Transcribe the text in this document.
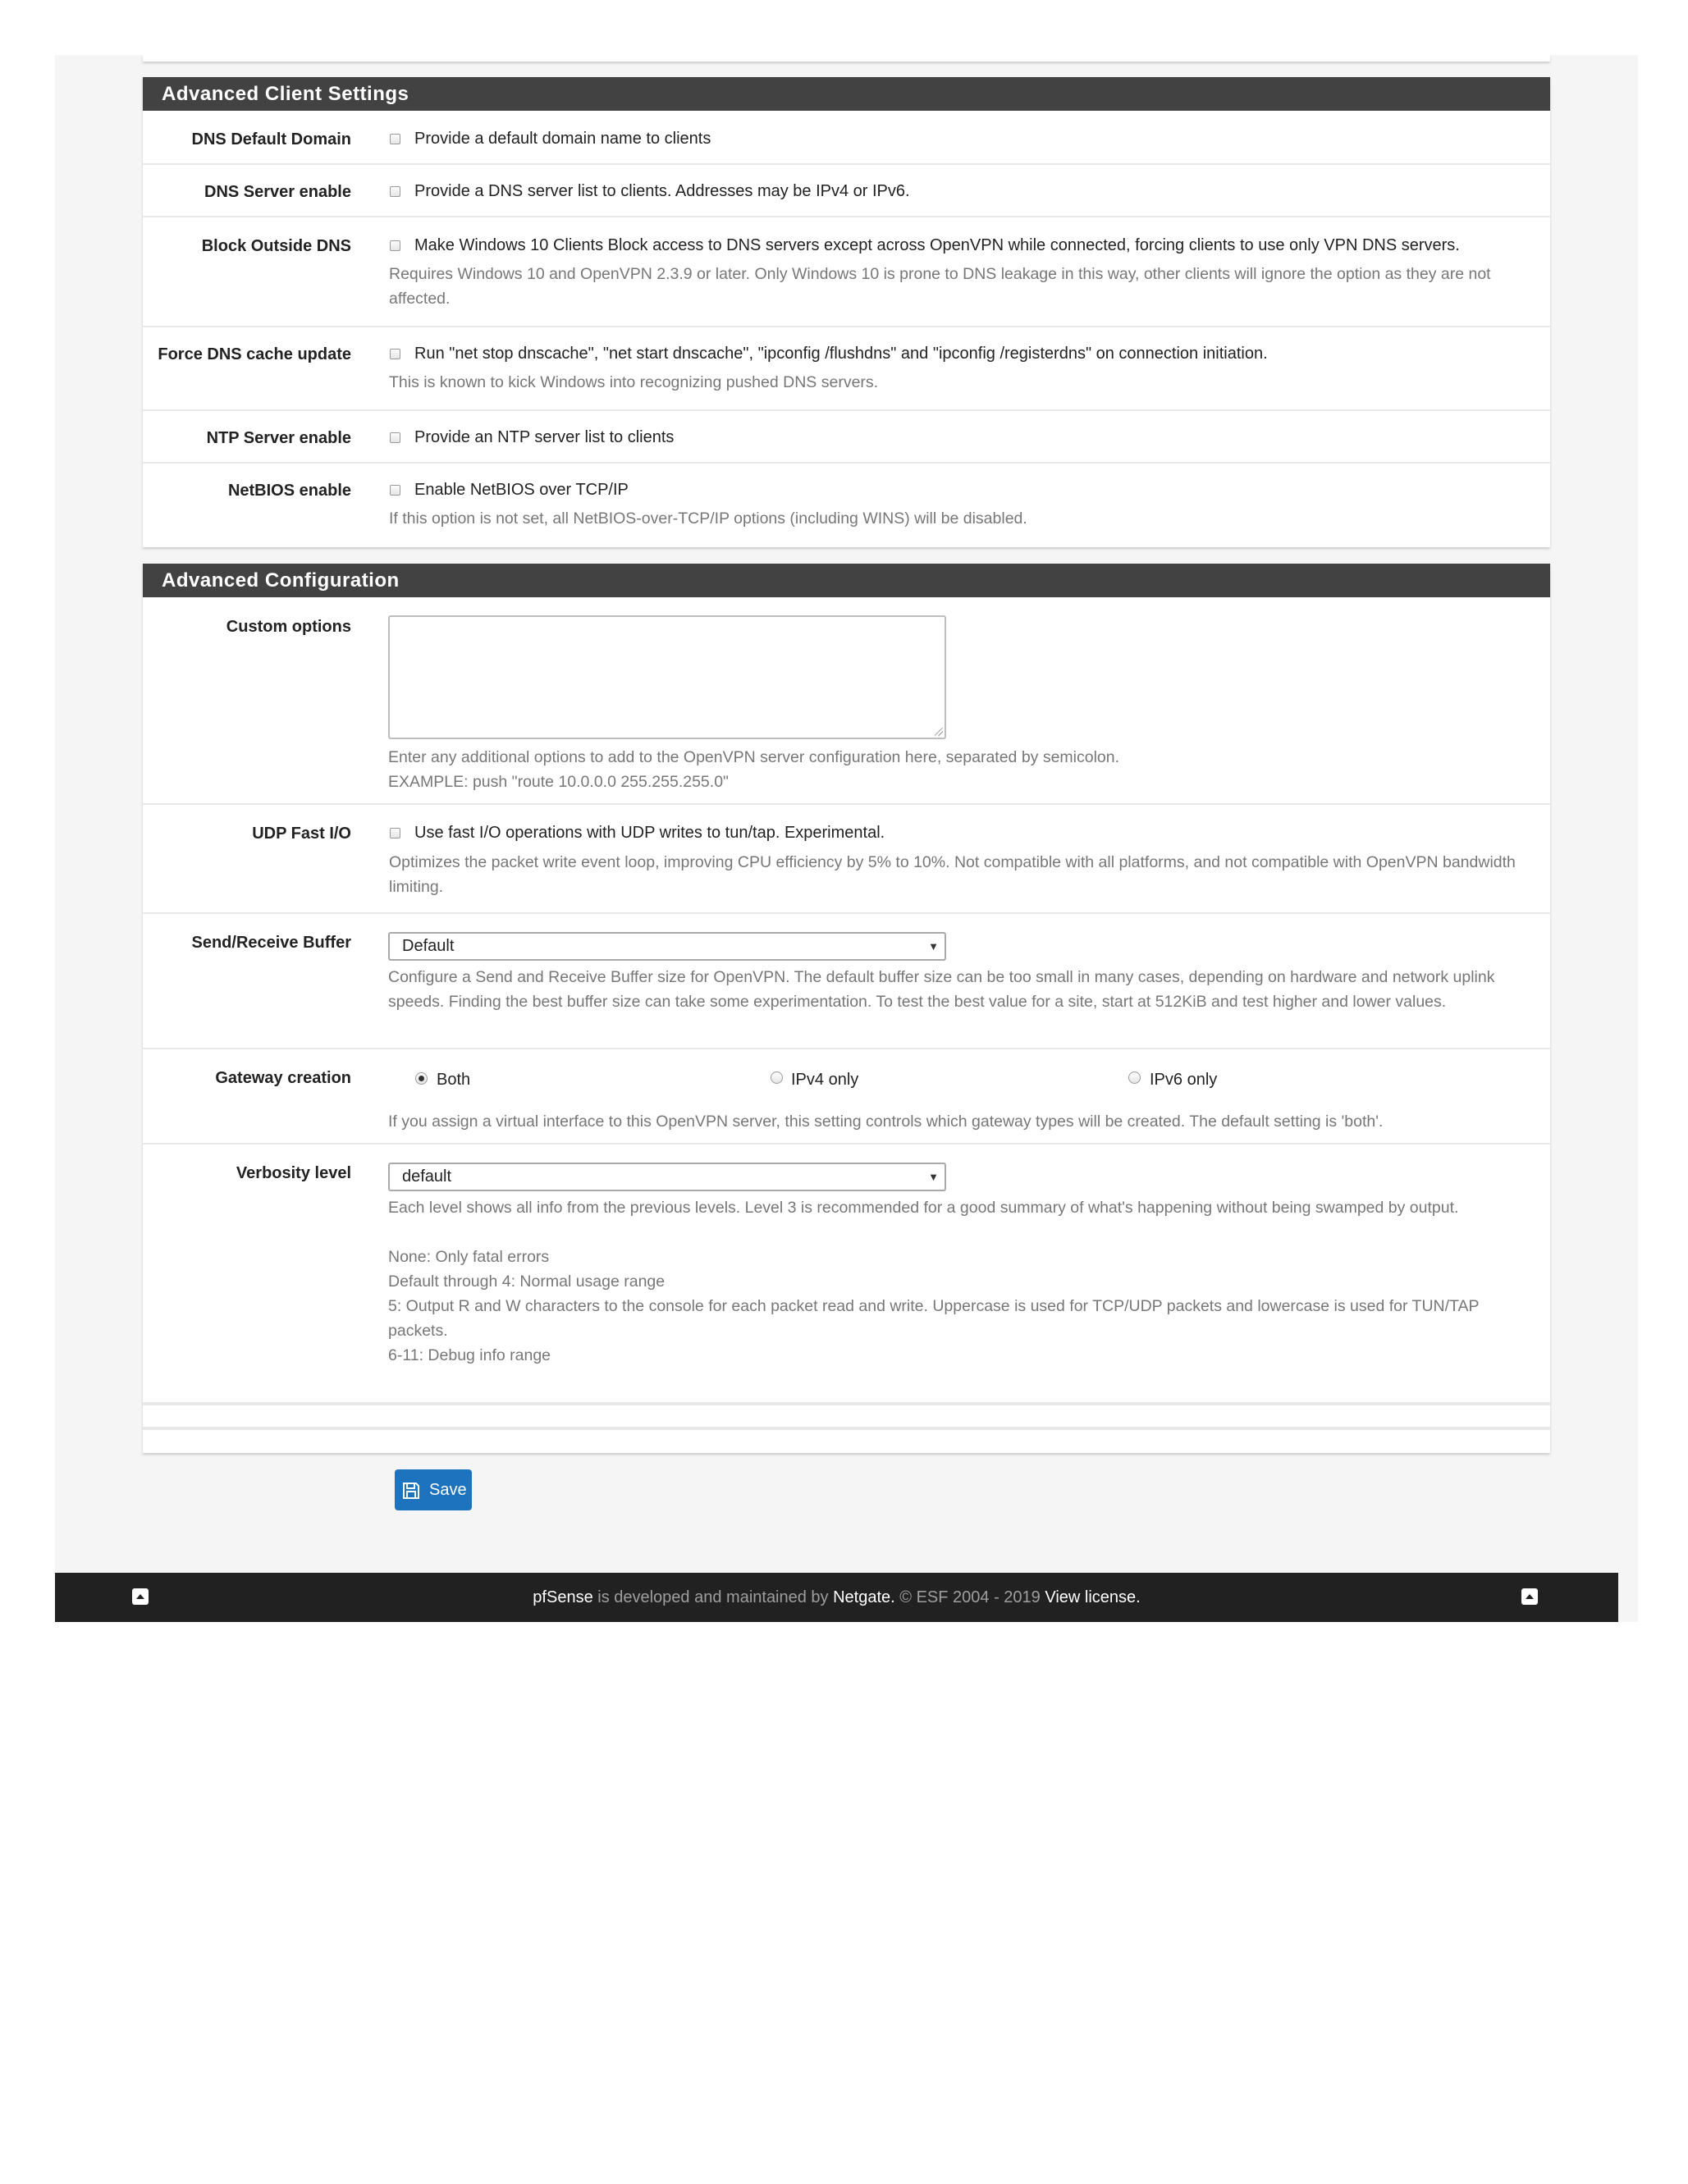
Advanced Client Settings
DNS Default Domain	Provide a default domain name to clients
DNS Server enable	Provide a DNS server list to clients. Addresses may be IPv4 or IPv6.
Block Outside DNS	Make Windows 10 Clients Block access to DNS servers except across OpenVPN while connected, forcing clients to use only VPN DNS servers.
Requires Windows 10 and OpenVPN 2.3.9 or later. Only Windows 10 is prone to DNS leakage in this way, other clients will ignore the option as they are not affected.
Force DNS cache update	Run "net stop dnscache", "net start dnscache", "ipconfig /flushdns" and "ipconfig /registerdns" on connection initiation.
This is known to kick Windows into recognizing pushed DNS servers.
NTP Server enable	Provide an NTP server list to clients
NetBIOS enable	Enable NetBIOS over TCP/IP
If this option is not set, all NetBIOS-over-TCP/IP options (including WINS) will be disabled.
Advanced Configuration
Custom options
Enter any additional options to add to the OpenVPN server configuration here, separated by semicolon.
EXAMPLE: push "route 10.0.0.0 255.255.255.0"
UDP Fast I/O	Use fast I/O operations with UDP writes to tun/tap. Experimental.
Optimizes the packet write event loop, improving CPU efficiency by 5% to 10%. Not compatible with all platforms, and not compatible with OpenVPN bandwidth limiting.
Send/Receive Buffer	Default	▼
Configure a Send and Receive Buffer size for OpenVPN. The default buffer size can be too small in many cases, depending on hardware and network uplink speeds. Finding the best buffer size can take some experimentation. To test the best value for a site, start at 512KiB and test higher and lower values.
Gateway creation	Both	IPv4 only	IPv6 only
If you assign a virtual interface to this OpenVPN server, this setting controls which gateway types will be created. The default setting is 'both'.
Verbosity level	default	▼
Each level shows all info from the previous levels. Level 3 is recommended for a good summary of what's happening without being swamped by output.
None: Only fatal errors
Default through 4: Normal usage range
5: Output R and W characters to the console for each packet read and write. Uppercase is used for TCP/UDP packets and lowercase is used for TUN/TAP packets.
6-11: Debug info range
Save
pfSense is developed and maintained by Netgate. © ESF 2004 - 2019 View license.
